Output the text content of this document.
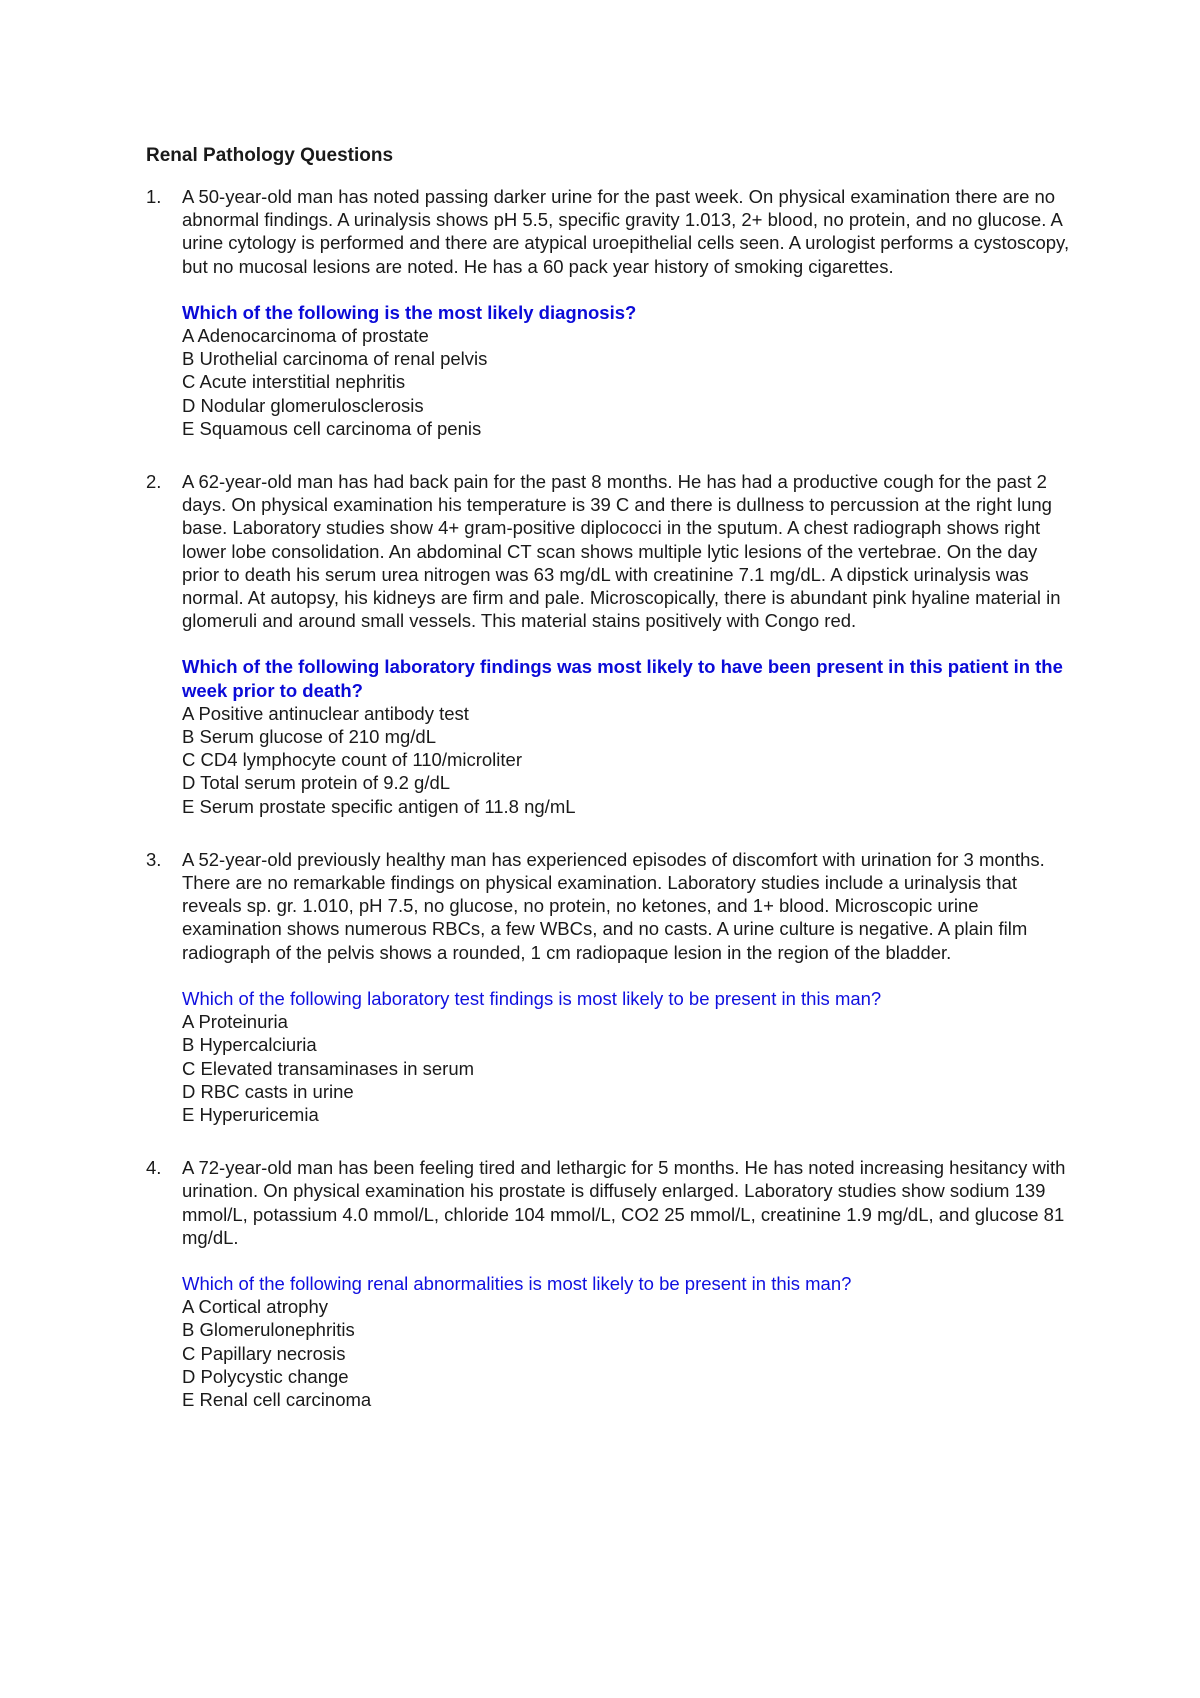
Renal Pathology Questions
1. A 50-year-old man has noted passing darker urine for the past week. On physical examination there are no abnormal findings. A urinalysis shows pH 5.5, specific gravity 1.013, 2+ blood, no protein, and no glucose. A urine cytology is performed and there are atypical uroepithelial cells seen. A urologist performs a cystoscopy, but no mucosal lesions are noted. He has a 60 pack year history of smoking cigarettes.

Which of the following is the most likely diagnosis?

A Adenocarcinoma of prostate
B Urothelial carcinoma of renal pelvis
C Acute interstitial nephritis
D Nodular glomerulosclerosis
E Squamous cell carcinoma of penis
2. A 62-year-old man has had back pain for the past 8 months. He has had a productive cough for the past 2 days. On physical examination his temperature is 39 C and there is dullness to percussion at the right lung base. Laboratory studies show 4+ gram-positive diplococci in the sputum. A chest radiograph shows right lower lobe consolidation. An abdominal CT scan shows multiple lytic lesions of the vertebrae. On the day prior to death his serum urea nitrogen was 63 mg/dL with creatinine 7.1 mg/dL. A dipstick urinalysis was normal. At autopsy, his kidneys are firm and pale. Microscopically, there is abundant pink hyaline material in glomeruli and around small vessels. This material stains positively with Congo red.

Which of the following laboratory findings was most likely to have been present in this patient in the week prior to death?

A Positive antinuclear antibody test
B Serum glucose of 210 mg/dL
C CD4 lymphocyte count of 110/microliter
D Total serum protein of 9.2 g/dL
E Serum prostate specific antigen of 11.8 ng/mL
3. A 52-year-old previously healthy man has experienced episodes of discomfort with urination for 3 months. There are no remarkable findings on physical examination. Laboratory studies include a urinalysis that reveals sp. gr. 1.010, pH 7.5, no glucose, no protein, no ketones, and 1+ blood. Microscopic urine examination shows numerous RBCs, a few WBCs, and no casts. A urine culture is negative. A plain film radiograph of the pelvis shows a rounded, 1 cm radiopaque lesion in the region of the bladder.

Which of the following laboratory test findings is most likely to be present in this man?

A Proteinuria
B Hypercalciuria
C Elevated transaminases in serum
D RBC casts in urine
E Hyperuricemia
4. A 72-year-old man has been feeling tired and lethargic for 5 months. He has noted increasing hesitancy with urination. On physical examination his prostate is diffusely enlarged. Laboratory studies show sodium 139 mmol/L, potassium 4.0 mmol/L, chloride 104 mmol/L, CO2 25 mmol/L, creatinine 1.9 mg/dL, and glucose 81 mg/dL.

Which of the following renal abnormalities is most likely to be present in this man?

A Cortical atrophy
B Glomerulonephritis
C Papillary necrosis
D Polycystic change
E Renal cell carcinoma
